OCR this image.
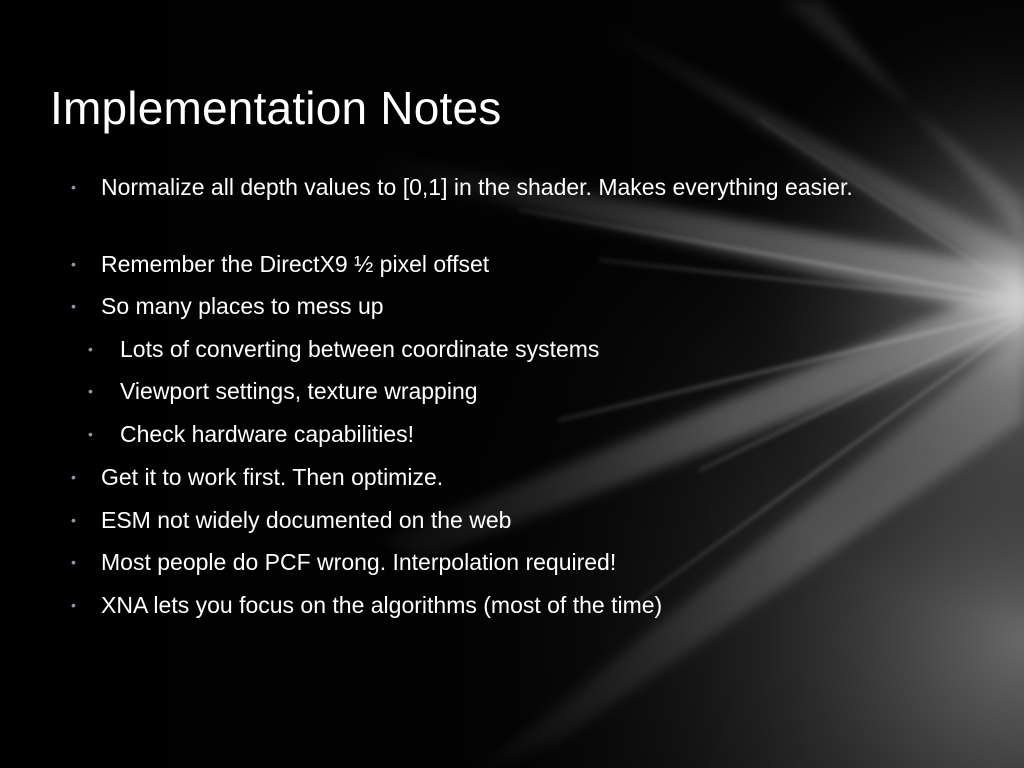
Implementation Notes
• Normalize all depth values to [0,1] in the shader. Makes everything easier.
• Remember the DirectX9 ½ pixel offset
• So many places to mess up
• Lots of converting between coordinate systems
• Viewport settings, texture wrapping
• Check hardware capabilities!
• Get it to work first. Then optimize.
• ESM not widely documented on the web
• Most people do PCF wrong. Interpolation required!
• XNA lets you focus on the algorithms (most of the time)
